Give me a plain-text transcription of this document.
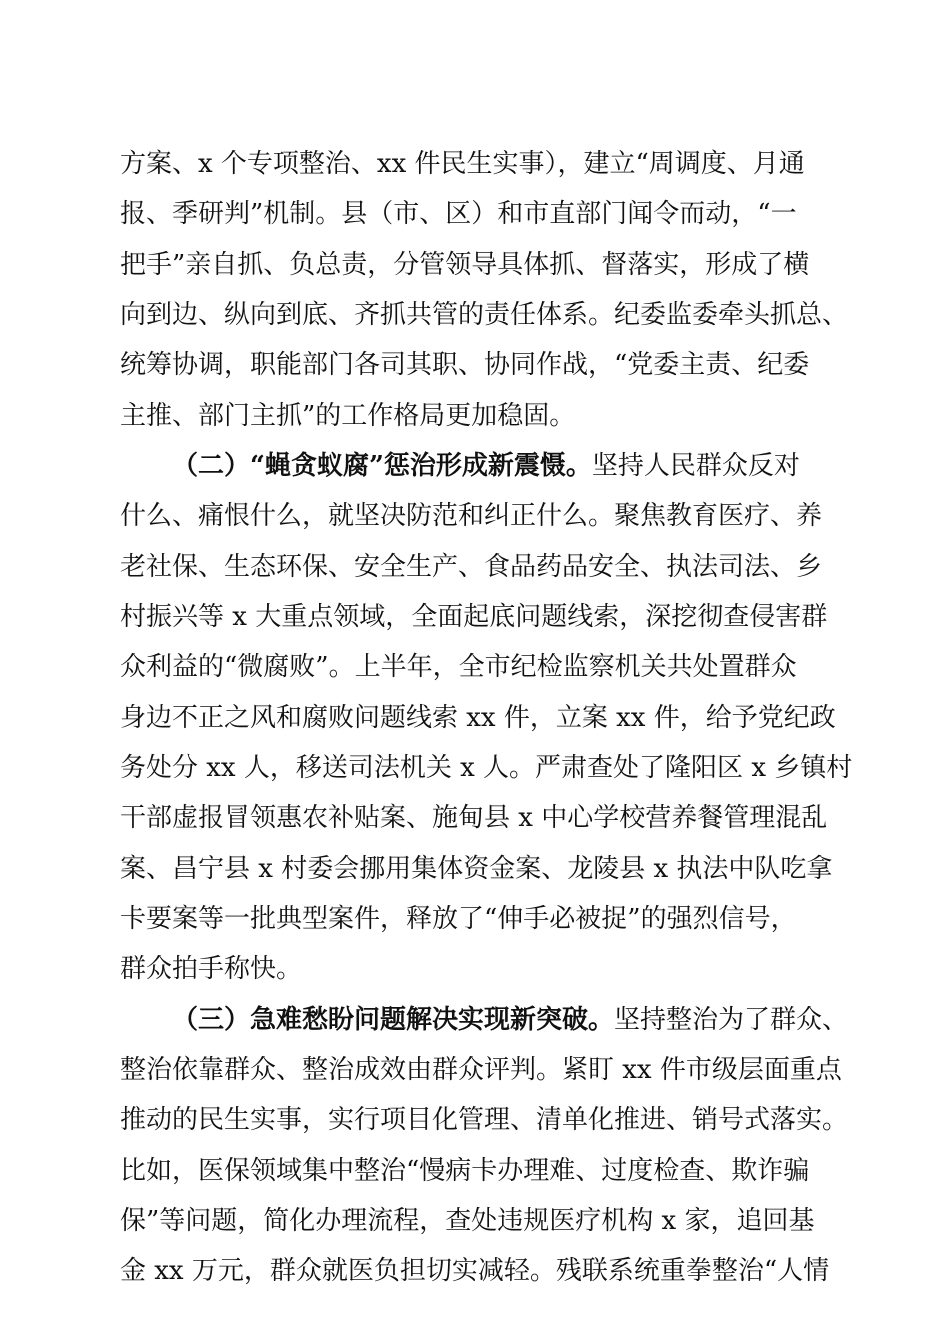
方案、x 个专项整治、xx 件民生实事），建立“周调度、月通
报、季研判”机制。县（市、区）和市直部门闻令而动，“一
把手”亲自抓、负总责，分管领导具体抓、督落实，形成了横
向到边、纵向到底、齐抓共管的责任体系。纪委监委牵头抓总、
统筹协调，职能部门各司其职、协同作战，“党委主责、纪委
主推、部门主抓”的工作格局更加稳固。
（二）“蝇贪蚁腐”惩治形成新震慑。坚持人民群众反对
什么、痛恨什么，就坚决防范和纠正什么。聚焦教育医疗、养
老社保、生态环保、安全生产、食品药品安全、执法司法、乡
村振兴等 x 大重点领域，全面起底问题线索，深挖彻查侵害群
众利益的“微腐败”。上半年，全市纪检监察机关共处置群众
身边不正之风和腐败问题线索 xx 件，立案 xx 件，给予党纪政
务处分 xx 人，移送司法机关 x 人。严肃查处了隆阳区 x 乡镇村
干部虚报冒领惠农补贴案、施甸县 x 中心学校营养餐管理混乱
案、昌宁县 x 村委会挪用集体资金案、龙陵县 x 执法中队吃拿
卡要案等一批典型案件，释放了“伸手必被捉”的强烈信号，
群众拍手称快。
（三）急难愁盼问题解决实现新突破。坚持整治为了群众、
整治依靠群众、整治成效由群众评判。紧盯 xx 件市级层面重点
推动的民生实事，实行项目化管理、清单化推进、销号式落实。
比如，医保领域集中整治“慢病卡办理难、过度检查、欺诈骗
保”等问题，简化办理流程，查处违规医疗机构 x 家，追回基
金 xx 万元，群众就医负担切实减轻。残联系统重拳整治“人情
